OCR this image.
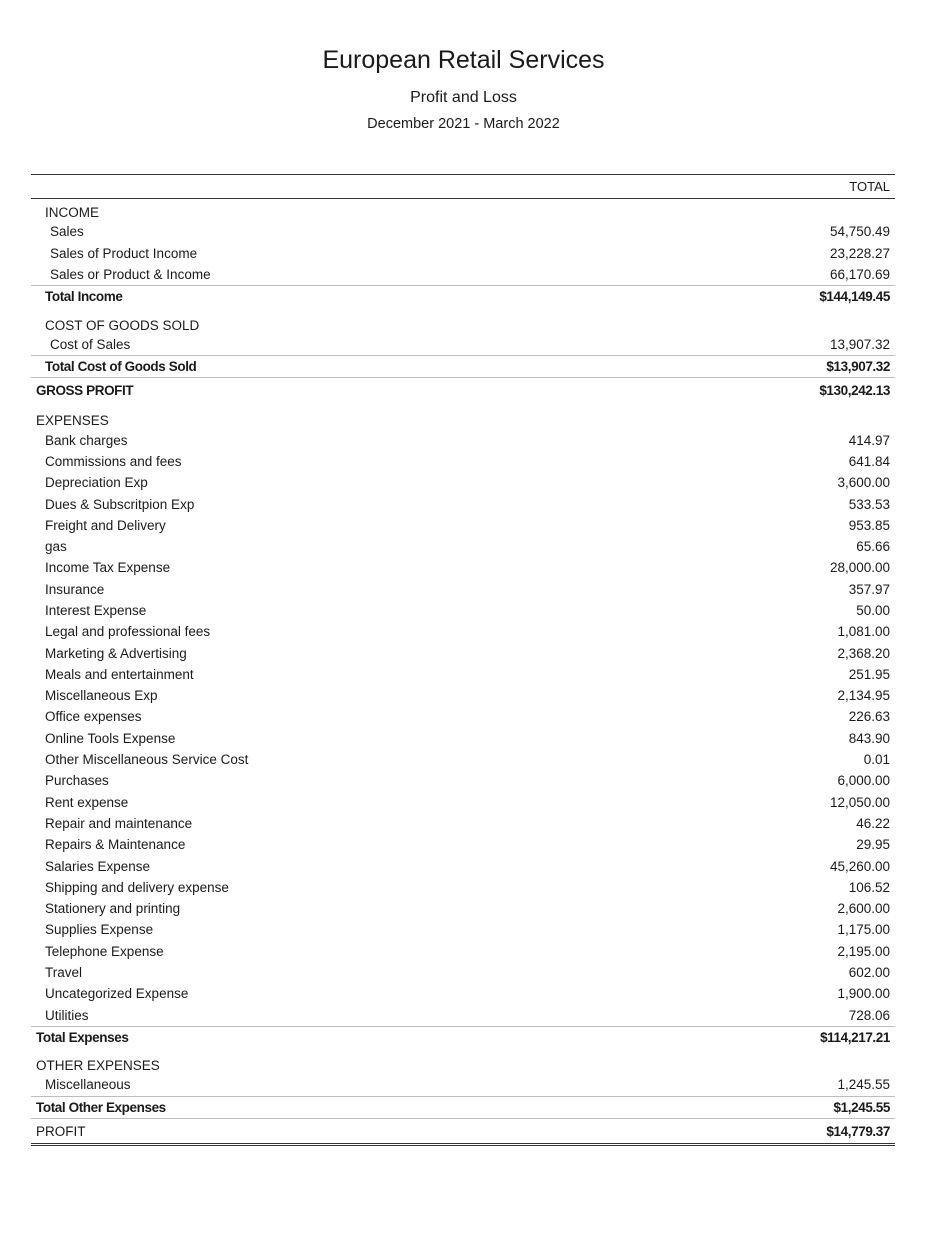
European Retail Services
Profit and Loss
December 2021 - March 2022
TOTAL
INCOME
Sales	54,750.49
Sales of Product Income	23,228.27
Sales or Product & Income	66,170.69
Total Income	$144,149.45
COST OF GOODS SOLD
Cost of Sales	13,907.32
Total Cost of Goods Sold	$13,907.32
GROSS PROFIT	$130,242.13
EXPENSES
Bank charges	414.97
Commissions and fees	641.84
Depreciation Exp	3,600.00
Dues & Subscritpion Exp	533.53
Freight and Delivery	953.85
gas	65.66
Income Tax Expense	28,000.00
Insurance	357.97
Interest Expense	50.00
Legal and professional fees	1,081.00
Marketing & Advertising	2,368.20
Meals and entertainment	251.95
Miscellaneous Exp	2,134.95
Office expenses	226.63
Online Tools Expense	843.90
Other Miscellaneous Service Cost	0.01
Purchases	6,000.00
Rent expense	12,050.00
Repair and maintenance	46.22
Repairs & Maintenance	29.95
Salaries Expense	45,260.00
Shipping and delivery expense	106.52
Stationery and printing	2,600.00
Supplies Expense	1,175.00
Telephone Expense	2,195.00
Travel	602.00
Uncategorized Expense	1,900.00
Utilities	728.06
Total Expenses	$114,217.21
OTHER EXPENSES
Miscellaneous	1,245.55
Total Other Expenses	$1,245.55
PROFIT	$14,779.37
